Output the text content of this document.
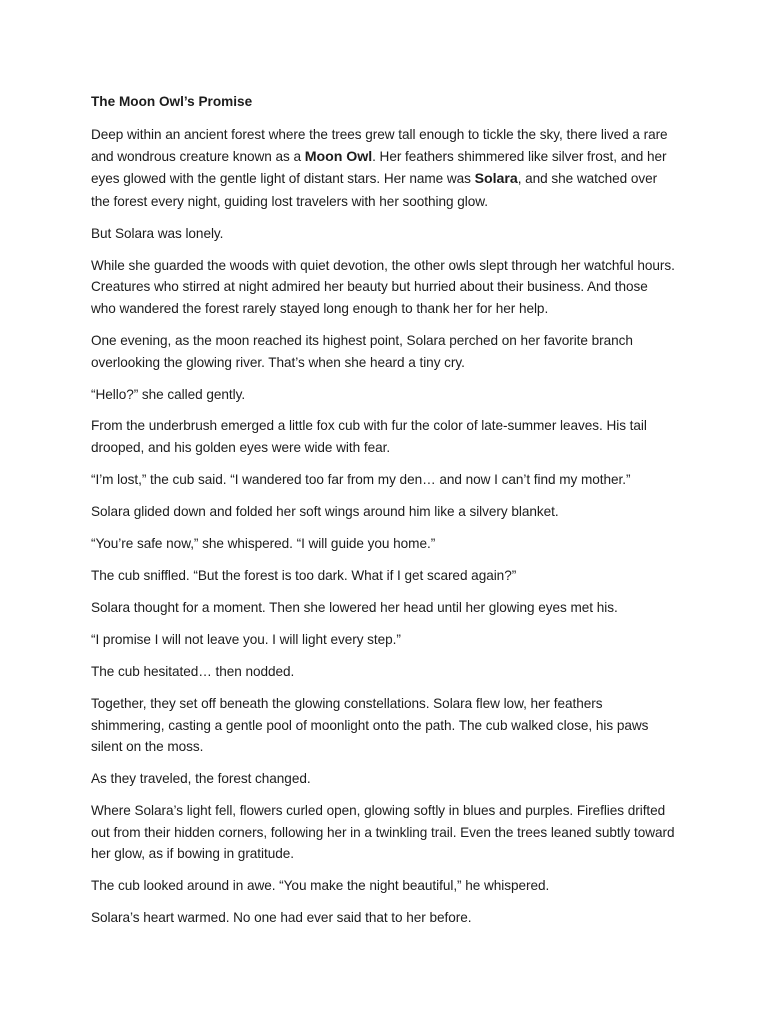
The Moon Owl’s Promise

Deep within an ancient forest where the trees grew tall enough to tickle the sky, there lived a rare and wondrous creature known as a Moon Owl. Her feathers shimmered like silver frost, and her eyes glowed with the gentle light of distant stars. Her name was Solara, and she watched over the forest every night, guiding lost travelers with her soothing glow.

But Solara was lonely.

While she guarded the woods with quiet devotion, the other owls slept through her watchful hours. Creatures who stirred at night admired her beauty but hurried about their business. And those who wandered the forest rarely stayed long enough to thank her for her help.

One evening, as the moon reached its highest point, Solara perched on her favorite branch overlooking the glowing river. That’s when she heard a tiny cry.

“Hello?” she called gently.

From the underbrush emerged a little fox cub with fur the color of late-summer leaves. His tail drooped, and his golden eyes were wide with fear.

“I’m lost,” the cub said. “I wandered too far from my den… and now I can’t find my mother.”

Solara glided down and folded her soft wings around him like a silvery blanket.

“You’re safe now,” she whispered. “I will guide you home.”

The cub sniffled. “But the forest is too dark. What if I get scared again?”

Solara thought for a moment. Then she lowered her head until her glowing eyes met his.

“I promise I will not leave you. I will light every step.”

The cub hesitated… then nodded.

Together, they set off beneath the glowing constellations. Solara flew low, her feathers shimmering, casting a gentle pool of moonlight onto the path. The cub walked close, his paws silent on the moss.

As they traveled, the forest changed.

Where Solara’s light fell, flowers curled open, glowing softly in blues and purples. Fireflies drifted out from their hidden corners, following her in a twinkling trail. Even the trees leaned subtly toward her glow, as if bowing in gratitude.

The cub looked around in awe. “You make the night beautiful,” he whispered.

Solara’s heart warmed. No one had ever said that to her before.
